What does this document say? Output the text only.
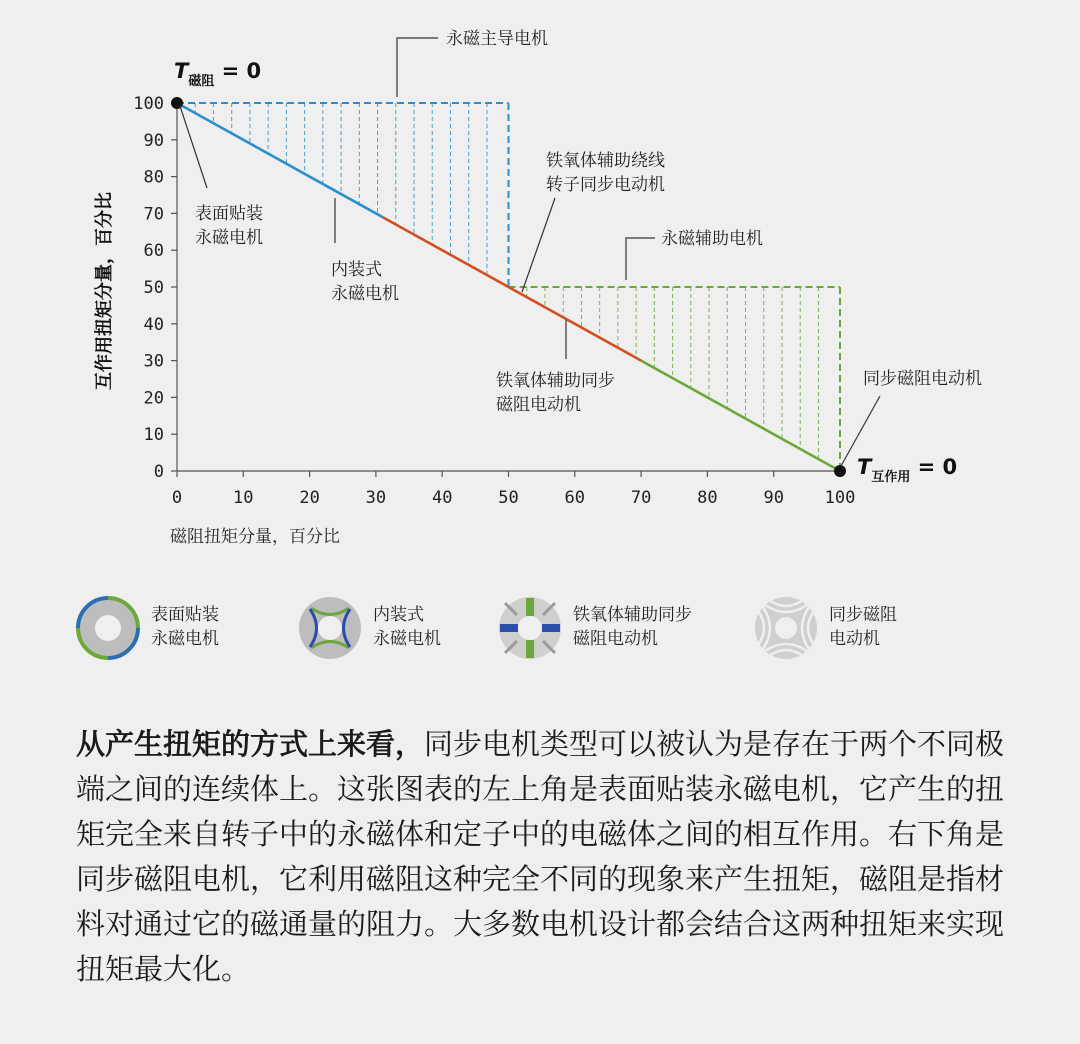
0
10
20
30
40
50
60
70
80
90
100
0	10	20	30	40	50	60	70	80	90 100
磁阻扭矩分量，百分比
互作用扭矩分量，百分比
$T_{磁阻} = 0$
$T_{互作用} = 0$
永磁主导电机
永磁辅助电机
表面贴装永磁电机
内装式永磁电机
铁氧体辅助绕线转子同步电动机
铁氧体辅助同步磁阻电动机
同步磁阻电动机
表面贴装
永磁电机
内装式
永磁电机
铁氧体辅助同步
磁阻电动机
同步磁阻
电动机
从产生扭矩的方式上来看，同步电机类型可以被认为是存在于两个不同极端之间的连续体上。这张图表的左上角是表面贴装永磁电机，它产生的扭矩完全来自转子中的永磁体和定子中的电磁体之间的相互作用。右下角是同步磁阻电机，它利用磁阻这种完全不同的现象来产生扭矩，磁阻是指材料对通过它的磁通量的阻力。大多数电机设计都会结合这两种扭矩来实现扭矩最大化。
